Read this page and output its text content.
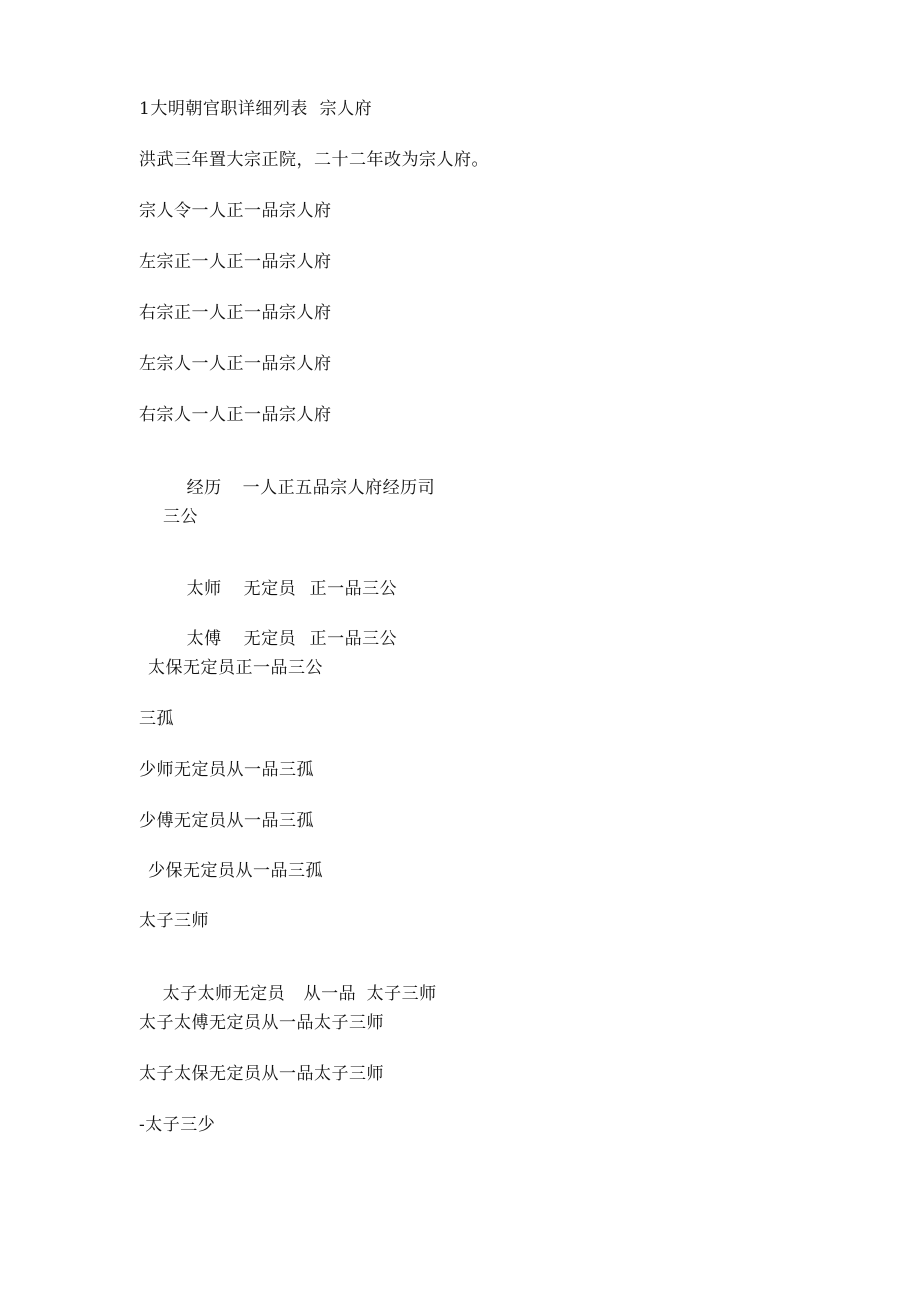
1大明朝官职详细列表  宗人府
洪武三年置大宗正院，二十二年改为宗人府。
宗人令一人正一品宗人府
左宗正一人正一品宗人府
右宗正一人正一品宗人府
左宗人一人正一品宗人府
右宗人一人正一品宗人府

经历 一人正五品宗人府经历司

三公

太师 无定员 正一品三公

太傅 无定员 正一品三公

太保无定员正一品三公
三孤
少师无定员从一品三孤
少傅无定员从一品三孤
少保无定员从一品三孤
太子三师

太子太师无定员 从一品 太子三师

太子太傅无定员从一品太子三师
太子太保无定员从一品太子三师
-太子三少
